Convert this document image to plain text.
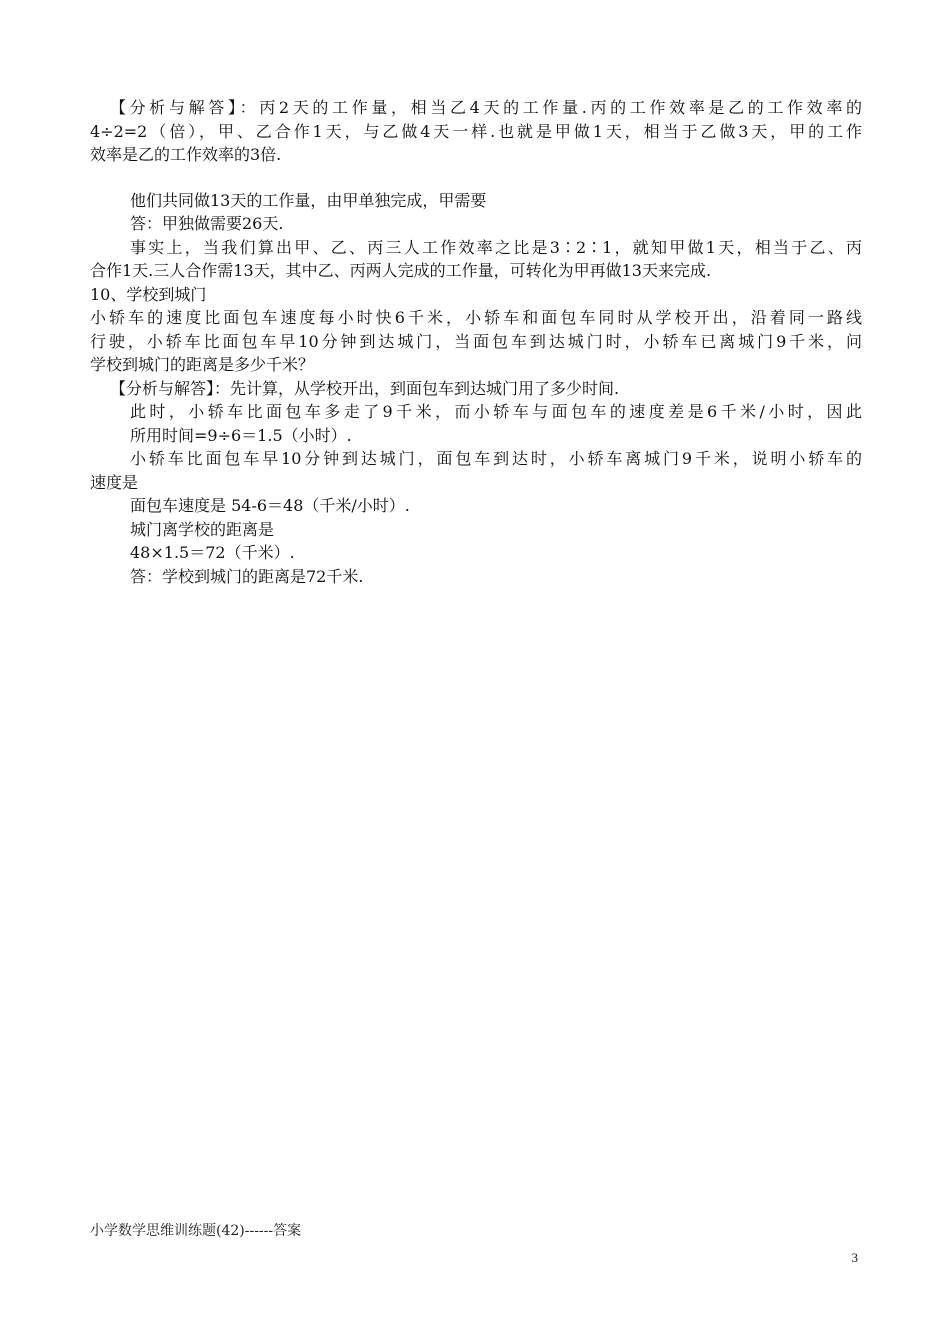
【分析与解答】：丙2天的工作量，相当乙4天的工作量.丙的工作效率是乙的工作效率的
4÷2=2（倍），甲、乙合作1天，与乙做4天一样.也就是甲做1天，相当于乙做3天，甲的工作
效率是乙的工作效率的3倍.
他们共同做13天的工作量，由甲单独完成，甲需要
答：甲独做需要26天.
事实上，当我们算出甲、乙、丙三人工作效率之比是3∶2∶1，就知甲做1天，相当于乙、丙
合作1天.三人合作需13天，其中乙、丙两人完成的工作量，可转化为甲再做13天来完成.
10、学校到城门
小轿车的速度比面包车速度每小时快6千米，小轿车和面包车同时从学校开出，沿着同一路线
行驶，小轿车比面包车早10分钟到达城门，当面包车到达城门时，小轿车已离城门9千米，问
学校到城门的距离是多少千米？
【分析与解答】：先计算，从学校开出，到面包车到达城门用了多少时间.
此时，小轿车比面包车多走了9千米，而小轿车与面包车的速度差是6千米/小时，因此
所用时间=9÷6＝1.5（小时）.
小轿车比面包车早10分钟到达城门，面包车到达时，小轿车离城门9千米，说明小轿车的
速度是
面包车速度是 54-6＝48（千米/小时）.
城门离学校的距离是
48×1.5＝72（千米）.
答：学校到城门的距离是72千米.
小学数学思维训练题(42)------答案
3
